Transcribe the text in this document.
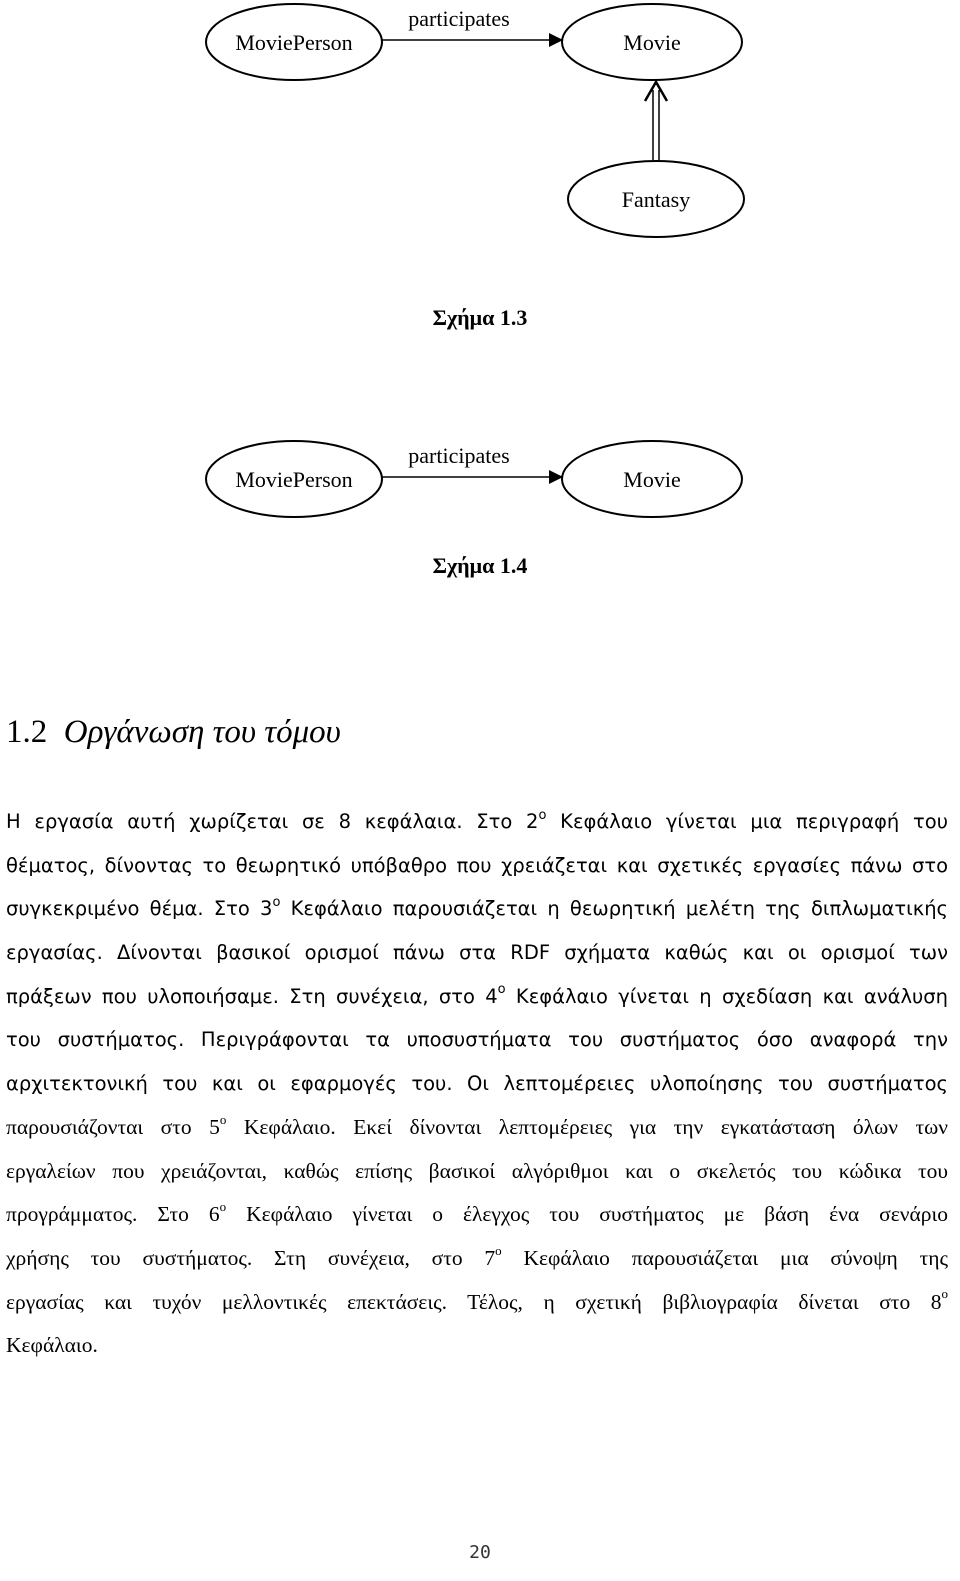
MoviePerson	Movie
participates
Fantasy
Σχήμα 1.3
MoviePerson	Movie
participates
Σχήμα 1.4
1.2 Οργάνωση του τόμου
Η εργασία αυτή χωρίζεται σε 8 κεφάλαια. Στο $2^o$ Κεφάλαιο γίνεται μια περιγραφή του
θέματος, δίνοντας το θεωρητικό υπόβαθρο που χρειάζεται και σχετικές εργασίες πάνω στο
συγκεκριμένο θέμα. Στο $3^o$ Κεφάλαιο παρουσιάζεται η θεωρητική μελέτη της διπλωματικής
εργασίας. Δίνονται βασικοί ορισμοί πάνω στα RDF σχήματα καθώς και οι ορισμοί των
πράξεων που υλοποιήσαμε. Στη συνέχεια, στο $4^o$ Κεφάλαιο γίνεται η σχεδίαση και ανάλυση
του συστήματος. Περιγράφονται τα υποσυστήματα του συστήματος όσο αναφορά την
αρχιτεκτονική του και οι εφαρμογές του. Οι λεπτομέρειες υλοποίησης του συστήματος
παρουσιάζονται στο $5^o$ Κεφάλαιο. Εκεί δίνονται λεπτομέρειες για την εγκατάσταση όλων των
εργαλείων που χρειάζονται, καθώς επίσης βασικοί αλγόριθμοι και ο σκελετός του κώδικα του
προγράμματος. Στο $6^o$ Κεφάλαιο γίνεται ο έλεγχος του συστήματος με βάση ένα σενάριο
χρήσης του συστήματος. Στη συνέχεια, στο $7^o$ Κεφάλαιο παρουσιάζεται μια σύνοψη της
εργασίας και τυχόν μελλοντικές επεκτάσεις. Τέλος, η σχετική βιβλιογραφία δίνεται στο $8^o$
Κεφάλαιο.
20
